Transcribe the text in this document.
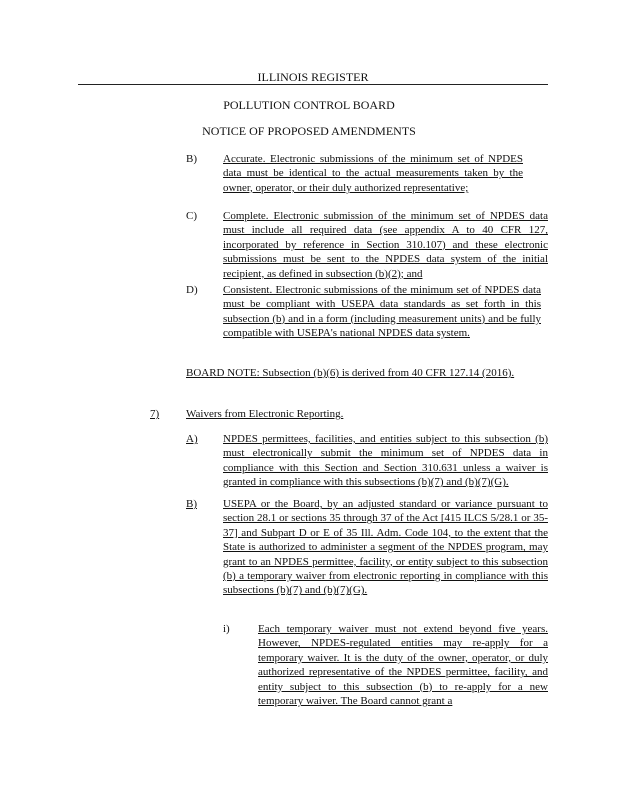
ILLINOIS REGISTER
POLLUTION CONTROL BOARD
NOTICE OF PROPOSED AMENDMENTS
B) Accurate. Electronic submissions of the minimum set of NPDES data must be identical to the actual measurements taken by the owner, operator, or their duly authorized representative;
C) Complete. Electronic submission of the minimum set of NPDES data must include all required data (see appendix A to 40 CFR 127, incorporated by reference in Section 310.107) and these electronic submissions must be sent to the NPDES data system of the initial recipient, as defined in subsection (b)(2); and
D) Consistent. Electronic submissions of the minimum set of NPDES data must be compliant with USEPA data standards as set forth in this subsection (b) and in a form (including measurement units) and be fully compatible with USEPA's national NPDES data system.
BOARD NOTE: Subsection (b)(6) is derived from 40 CFR 127.14 (2016).
7) Waivers from Electronic Reporting.
A) NPDES permittees, facilities, and entities subject to this subsection (b) must electronically submit the minimum set of NPDES data in compliance with this Section and Section 310.631 unless a waiver is granted in compliance with this subsections (b)(7) and (b)(7)(G).
B) USEPA or the Board, by an adjusted standard or variance pursuant to section 28.1 or sections 35 through 37 of the Act [415 ILCS 5/28.1 or 35-37] and Subpart D or E of 35 Ill. Adm. Code 104, to the extent that the State is authorized to administer a segment of the NPDES program, may grant to an NPDES permittee, facility, or entity subject to this subsection (b) a temporary waiver from electronic reporting in compliance with this subsections (b)(7) and (b)(7)(G).
i)	Each temporary waiver must not extend beyond five years. However, NPDES-regulated entities may re-apply for a temporary waiver. It is the duty of the owner, operator, or duly authorized representative of the NPDES permittee, facility, and entity subject to this subsection (b) to re-apply for a new temporary waiver. The Board cannot grant a
